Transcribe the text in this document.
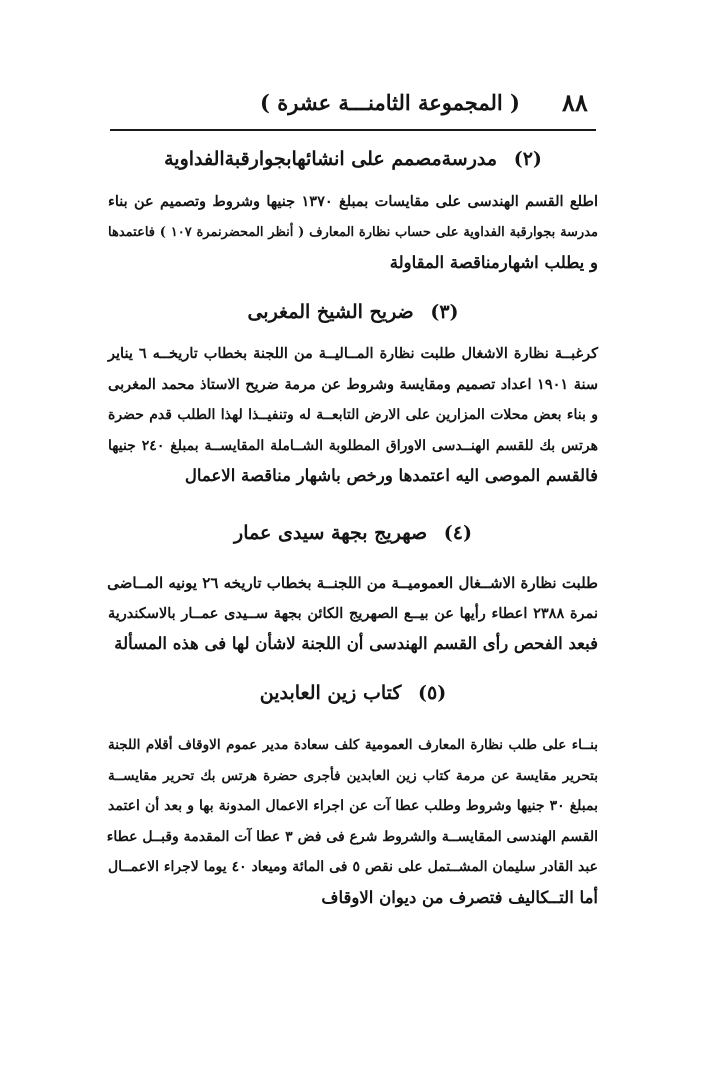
٨٨
( المجموعة الثامنـــة عشرة )
(٢) مدرسةمصمم على انشائهابجوارقبةالفداوية
اطلع القسم الهندسى على مقايسات بمبلغ ١٣٧٠ جنيها وشروط وتصميم عن بناء
مدرسة بجوارقبة الفداوية على حساب نظارة المعارف ( أنظر المحضرنمرة ١٠٧ ) فاعتمدها
و يطلب اشهارمناقصة المقاولة
(٣) ضريح الشيخ المغربى
كرغبــة نظارة الاشغال طلبت نظارة المــاليــة من اللجنة بخطاب تاريخــه ٦ يناير
سنة ١٩٠١ اعداد تصميم ومقايسة وشروط عن مرمة ضريح الاستاذ محمد المغربى
و بناء بعض محلات المزارين على الارض التابعــة له وتنفيــذا لهذا الطلب قدم حضرة
هرتس بك للقسم الهنــدسى الاوراق المطلوبة الشــاملة المقايســة بمبلغ ٢٤٠ جنيها
فالقسم الموصى اليه اعتمدها ورخص باشهار مناقصة الاعمال
(٤) صهريج بجهة سيدى عمار
طلبت نظارة الاشــغال العموميــة من اللجنــة بخطاب تاريخه ٢٦ يونيه المــاضى
نمرة ٢٣٨٨ اعطاء رأيها عن بيــع الصهريج الكائن بجهة ســيدى عمــار بالاسكندرية
فبعد الفحص رأى القسم الهندسى أن اللجنة لاشأن لها فى هذه المسألة
(٥) كتاب زين العابدين
بنــاء على طلب نظارة المعارف العمومية كلف سعادة مدير عموم الاوقاف أقلام اللجنة
بتحرير مقايسة عن مرمة كتاب زين العابدين فأجرى حضرة هرتس بك تحرير مقايســة
بمبلغ ٣٠ جنيها وشروط وطلب عطا آت عن اجراء الاعمال المدونة بها و بعد أن اعتمد
القسم الهندسى المقايســة والشروط شرع فى فض ٣ عطا آت المقدمة وقبــل عطاء
عبد القادر سليمان المشــتمل على نقص ٥ فى المائة وميعاد ٤٠ يوما لاجراء الاعمــال
أما التــكاليف فتصرف من ديوان الاوقاف
